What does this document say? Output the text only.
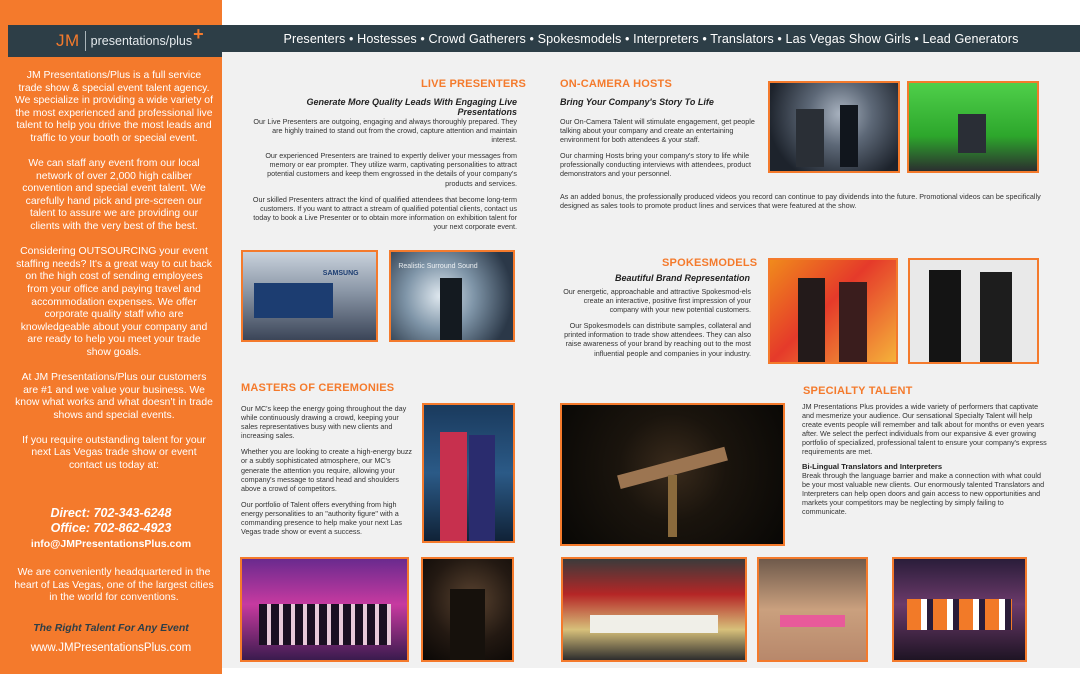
JM presentations/plus +

JM Presentations/Plus is a full service trade show & special event talent agency. We specialize in providing a wide variety of the most experienced and professional live talent to help you drive the most leads and traffic to your booth or special event.

We can staff any event from our local network of over 2,000 high caliber convention and special event talent. We carefully hand pick and pre-screen our talent to assure we are providing our clients with the very best of the best.

Considering OUTSOURCING your event staffing needs? It's a great way to cut back on the high cost of sending employees from your office and paying travel and accommodation expenses. We offer corporate quality staff who are knowledgeable about your company and are ready to help you meet your trade show goals.

At JM Presentations/Plus our customers are #1 and we value your business. We know what works and what doesn't in trade shows and special events.

If you require outstanding talent for your next Las Vegas trade show or event contact us today at:

Direct: 702-343-6248
Office: 702-862-4923
info@JMPresentationsPlus.com
We are conveniently headquartered in the heart of Las Vegas, one of the largest cities in the world for conventions.
The Right Talent For Any Event
www.JMPresentationsPlus.com
Presenters • Hostesses • Crowd Gatherers • Spokesmodels • Interpreters • Translators • Las Vegas Show Girls • Lead Generators
LIVE PRESENTERS
Generate More Quality Leads With Engaging Live Presentations

Our Live Presenters are outgoing, engaging and always thoroughly prepared. They are highly trained to stand out from the crowd, capture attention and maintain interest.

Our experienced Presenters are trained to expertly deliver your messages from memory or ear prompter. They utilize warm, captivating personalities to attract potential customers and keep them engrossed in the details of your company's products and services.

Our skilled Presenters attract the kind of qualified attendees that become long-term customers. If you want to attract a stream of qualified potential clients, contact us today to book a Live Presenter or to obtain more information on exhibition talent for your next corporate event.

ON-CAMERA HOSTS
Bring Your Company's Story To Life

Our On-Camera Talent will stimulate engagement, get people talking about your company and create an entertaining environment for both attendees & your staff.

Our charming Hosts bring your company's story to life while professionally conducting interviews with attendees, product demonstrators and your personnel.

As an added bonus, the professionally produced videos you record can continue to pay dividends into the future. Promotional videos can be specifically designed as sales tools to promote product lines and services that were featured at the show.
SAMSUNG
Realistic Surround Sound	SPOKESMODELS
Beautiful Brand Representation

Our energetic, approachable and attractive Spokesmod-els create an interactive, positive first impression of your company with your new potential customers.

Our Spokesmodels can distribute samples, collateral and printed information to trade show attendees. They can also raise awareness of your brand by reaching out to the most influential people and companies in your industry.

MASTERS OF CEREMONIES

Our MC's keep the energy going throughout the day while continuously drawing a crowd, keeping your sales representatives busy with new clients and increasing sales.

Whether you are looking to create a high-energy buzz or a subtly sophisticated atmosphere, our MC's generate the attention you require, allowing your company's message to stand head and shoulders above a crowd of competitors.

Our portfolio of Talent offers everything from high energy personalities to an "authority figure" with a commanding presence to help make your next Las Vegas trade show or event a success.

SPECIALTY TALENT

JM Presentations Plus provides a wide variety of performers that captivate and mesmerize your audience. Our sensational Specialty Talent will help create events people will remember and talk about for months or even years after. We select the perfect individuals from our expansive & ever growing portfolio of specialized, professional talent to ensure your company's express requirements are met.

Bi-Lingual Translators and Interpreters

Break through the language barrier and make a connection with what could be your most valuable new clients. Our enormously talented Translators and Interpreters can help open doors and gain access to new opportunities and markets your competitors may be neglecting by simply failing to communicate.
